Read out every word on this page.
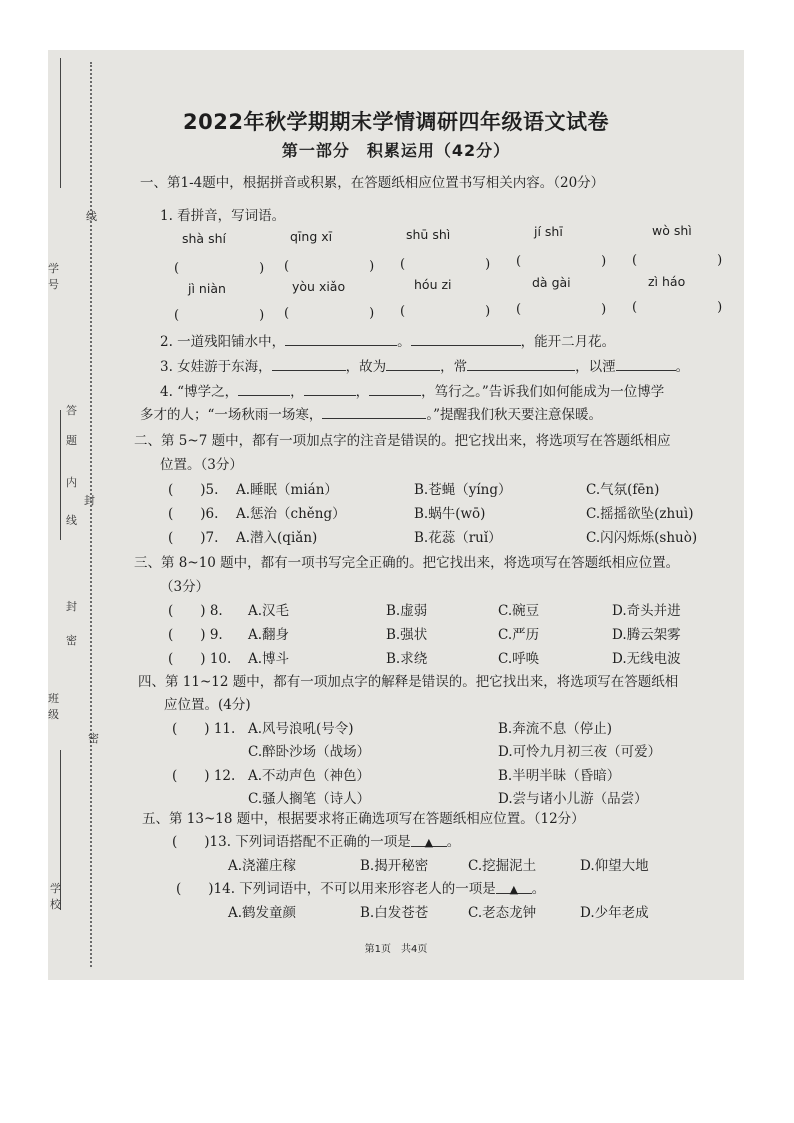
线
学号
题
答
内
封
线
密
封
班级
密
学校
2022年秋学期期末学情调研四年级语文试卷
第一部分　积累运用（42分）
一、第1-4题中，根据拼音或积累，在答题纸相应位置书写相关内容。（20分）
1. 看拼音，写词语。
shà shí	qīng xī	shū shì	jí shī	wò shì
(　　) (　　) (　　) (　　) (　　)
jì niàn	yòu xiǎo	hóu zi	dà gài	zì háo
(　　) (　　) (　　) (　　) (　　)
2. 一道残阳铺水中，	。	，能开二月花。
3. 女娃游于东海，	，故为	，常	，以湮	。
4. “博学之，	，	，	，笃行之。”告诉我们如何能成为一位博学
多才的人；“一场秋雨一场寒，	。”提醒我们秋天要注意保暖。
二、第 5~7 题中，都有一项加点字的注音是错误的。把它找出来，将选项写在答题纸相应
位置。（3分）
(　　)5. A.睡眠（mián）	B.苍蝇（yíng）	C.气氛(fēn)
(　　)6. A.惩治（chěng）	B.蜗牛(wō)	C.摇摇欲坠(zhuì)
(　　)7. A.潜入(qiǎn)	B.花蕊（ruǐ）	C.闪闪烁烁(shuò)
三、第 8~10 题中，都有一项书写完全正确的。把它找出来，将选项写在答题纸相应位置。
（3分）
(　　) 8. A.汉毛	B.虚弱	C.碗豆	D.奇头并进
(　　) 9. A.翻身	B.强状	C.严历	D.腾云架雾
(　　) 10. A.博斗	B.求绕	C.呼唤	D.无线电波
四、第 11~12 题中，都有一项加点字的解释是错误的。把它找出来，将选项写在答题纸相
应位置。(4分)
(　　) 11. A.风号浪吼(号令)	B.奔流不息（停止)
C.醉卧沙场（战场）	D.可怜九月初三夜（可爱）
(　　) 12. A.不动声色（神色）	B.半明半昧（昏暗）
C.骚人搁笔（诗人）	D.尝与诸小儿游（品尝）
五、第 13~18 题中，根据要求将正确选项写在答题纸相应位置。（12分）
(　　)13. 下列词语搭配不正确的一项是 ▲ 。
A.浇灌庄稼	B.揭开秘密	C.挖掘泥土	D.仰望大地
(　　)14. 下列词语中，不可以用来形容老人的一项是 ▲ 。
A.鹤发童颜	B.白发苍苍	C.老态龙钟	D.少年老成
第1页　共4页
